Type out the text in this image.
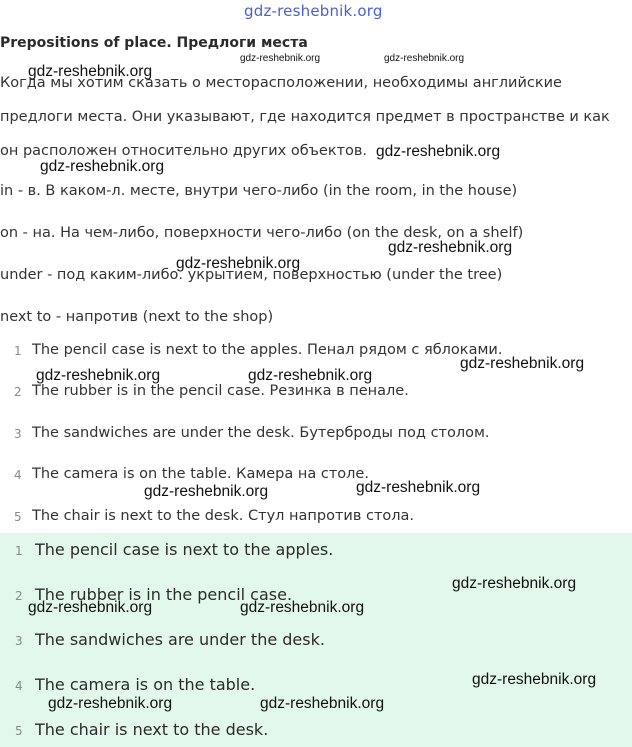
gdz-reshebnik.org
Prepositions of place. Предлоги места
Когда мы хотим сказать о месторасположении, необходимы английские
предлоги места. Они указывают, где находится предмет в пространстве и как
он расположен относительно других объектов.
in - в. В каком-л. месте, внутри чего-либо (in the room, in the house)
on - на. На чем-либо, поверхности чего-либо (on the desk, on a shelf)
under - под каким-либо. укрытием, поверхностью (under the tree)
next to - напротив (next to the shop)
1 The pencil case is next to the apples. Пенал рядом с яблоками.
2 The rubber is in the pencil case. Резинка в пенале.
3 The sandwiches are under the desk. Бутерброды под столом.
4 The camera is on the table. Камера на столе.
5 The chair is next to the desk. Стул напротив стола.
1 The pencil case is next to the apples.
2 The rubber is in the pencil case.
3 The sandwiches are under the desk.
4 The camera is on the table.
5 The chair is next to the desk.
gdz-reshebnik.org	gdz-reshebnik.org
gdz-reshebnik.org
gdz-reshebnik.org
gdz-reshebnik.org
gdz-reshebnik.org
gdz-reshebnik.org
gdz-reshebnik.org
gdz-reshebnik.org	gdz-reshebnik.org
gdz-reshebnik.org
gdz-reshebnik.org
gdz-reshebnik.org
gdz-reshebnik.org	gdz-reshebnik.org
gdz-reshebnik.org
gdz-reshebnik.org	gdz-reshebnik.org
